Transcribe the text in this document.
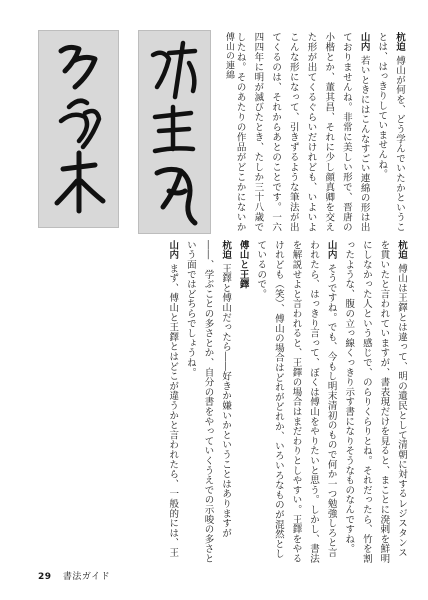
傅山の連綿	杭迫傅山が何を、どう学んでいたかということは、はっきりしていませんね。

山内若いときにはこんなすごい連綿の形は出ておりませんね。非常に美しい形で、晋唐の小楷とか、董其昌、それに少し顔真卿を交えた形が出てくるぐらいだけれども、いよいよこんな形になって、引きずるような筆法が出てくるのは、それからあとのことです。一六四四年に明が滅びたとき、たしか三十八歳でしたね。そのあたりの作品がどこかにないか

杭迫傅山は王鐸とは違って、明の遺民として清朝に対するレジスタンスを貫いたと言われていますが、書表現だけを見ると、まことに溌剌を鮮明にしなかった人という感じで、のらりくらりとね。それだったら、竹を割ったような、腹の立っ線くっきり示す書になりそうなものなんですね。

山内そうですね。でも、今もし明末清初のもので何か一つ勉強しろと言われたら、はっきり言って、ぼくは傅山をやりたいと思う。しかし、書法を解説せよと言われると、王鐸の場合はまだわりとしやすい。王鐸をやるけれども（笑）、傅山の場合はどれがどれか、いろいろなものが混然としているので。

傅山と王鐸

杭迫王鐸と傅山だったら――好きか嫌いかということはありますが――、学ぶことの多さとか、自分の書をやっていくうえでの示唆の多さという面ではどちらでしょうね。

山内まず、傅山と王鐸とはどこが違うかと言われたら、一般的には、王

29 書法ガイド
